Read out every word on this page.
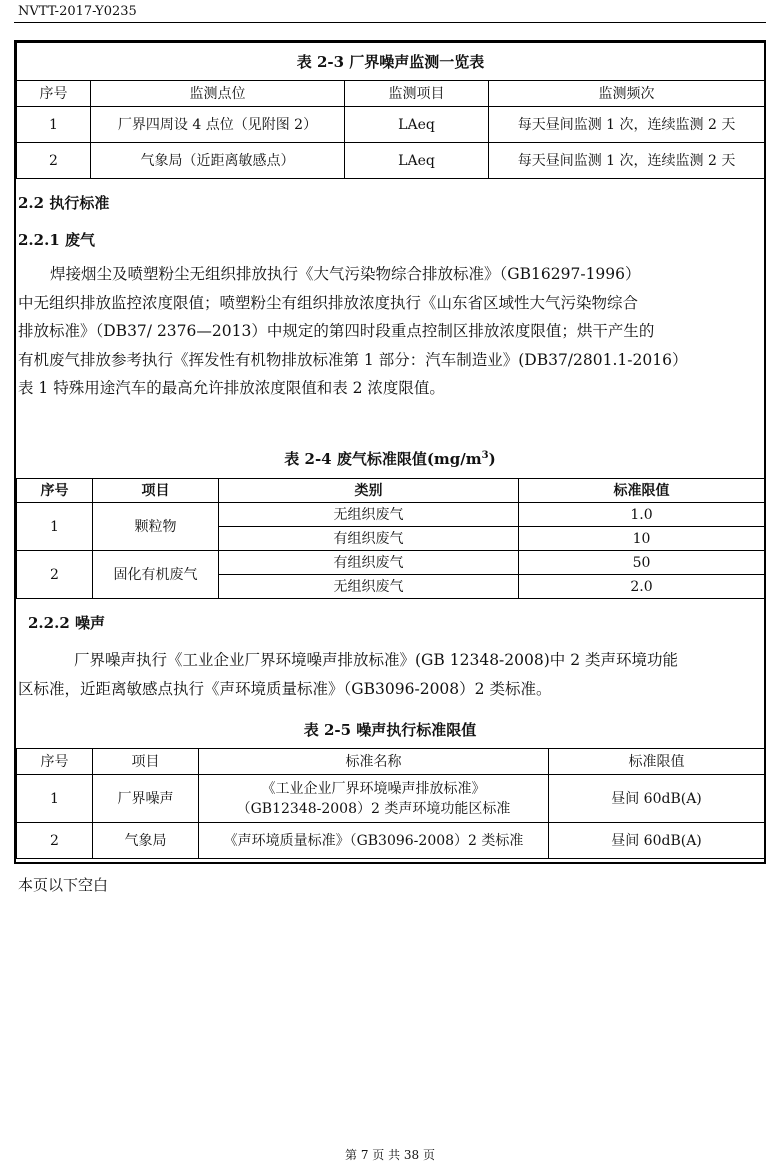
NVTT-2017-Y0235
表 2-3 厂界噪声监测一览表			
序号	监测点位	监测项目	监测频次
1	厂界四周设 4 点位（见附图 2）	LAeq	每天昼间监测 1 次，连续监测 2 天
2	气象局（近距离敏感点）	LAeq	每天昼间监测 1 次，连续监测 2 天
2.2 执行标准
2.2.1 废气
焊接烟尘及喷塑粉尘无组织排放执行《大气污染物综合排放标准》（GB16297-1996）
中无组织排放监控浓度限值；喷塑粉尘有组织排放浓度执行《山东省区域性大气污染物综合
排放标准》（DB37/ 2376—2013）中规定的第四时段重点控制区排放浓度限值；烘干产生的
有机废气排放参考执行《挥发性有机物排放标准第 1 部分：汽车制造业》(DB37/2801.1-2016）
表 1 特殊用途汽车的最高允许排放浓度限值和表 2 浓度限值。
表 2-4 废气标准限值$(mg/m^3)$
序号	项目	类别	标准限值
1	颗粒物	无组织废气	1.0
		有组织废气	10
2	固化有机废气	有组织废气	50
		无组织废气	2.0
2.2.2 噪声
厂界噪声执行《工业企业厂界环境噪声排放标准》(GB 12348-2008)中 2 类声环境功能
区标准，近距离敏感点执行《声环境质量标准》（GB3096-2008）2 类标准。
表 2-5 噪声执行标准限值
序号	项目	标准名称	标准限值
1	厂界噪声	《工业企业厂界环境噪声排放标准》
（GB12348-2008）2 类声环境功能区标准	昼间 60dB(A)
2	气象局	《声环境质量标准》（GB3096-2008）2 类标准	昼间 60dB(A)
本页以下空白
第 7 页 共 38 页
